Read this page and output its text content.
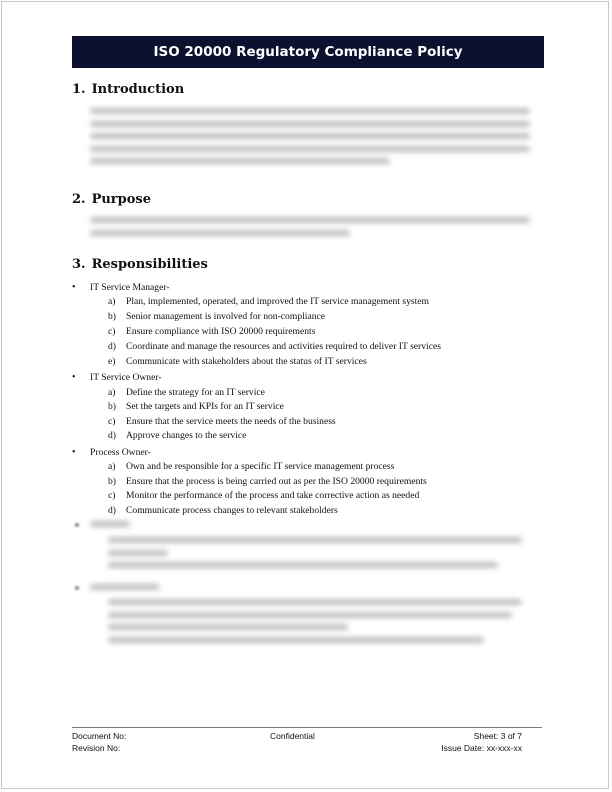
ISO 20000 Regulatory Compliance Policy
1. Introduction
2. Purpose
3. Responsibilities
•	IT Service Manager-
a)	Plan, implemented, operated, and improved the IT service management system
b)	Senior management is involved for non-compliance
c)	Ensure compliance with ISO 20000 requirements
d)	Coordinate and manage the resources and activities required to deliver IT services
e)	Communicate with stakeholders about the status of IT services
•	IT Service Owner-
a)	Define the strategy for an IT service
b)	Set the targets and KPIs for an IT service
c)	Ensure that the service meets the needs of the business
d)	Approve changes to the service
•	Process Owner-
a)	Own and be responsible for a specific IT service management process
b)	Ensure that the process is being carried out as per the ISO 20000 requirements
c)	Monitor the performance of the process and take corrective action as needed
d)	Communicate process changes to relevant stakeholders
Document No:
Revision No:
Confidential	Sheet: 3 of 7
Issue Date: xx-xxx-xx
